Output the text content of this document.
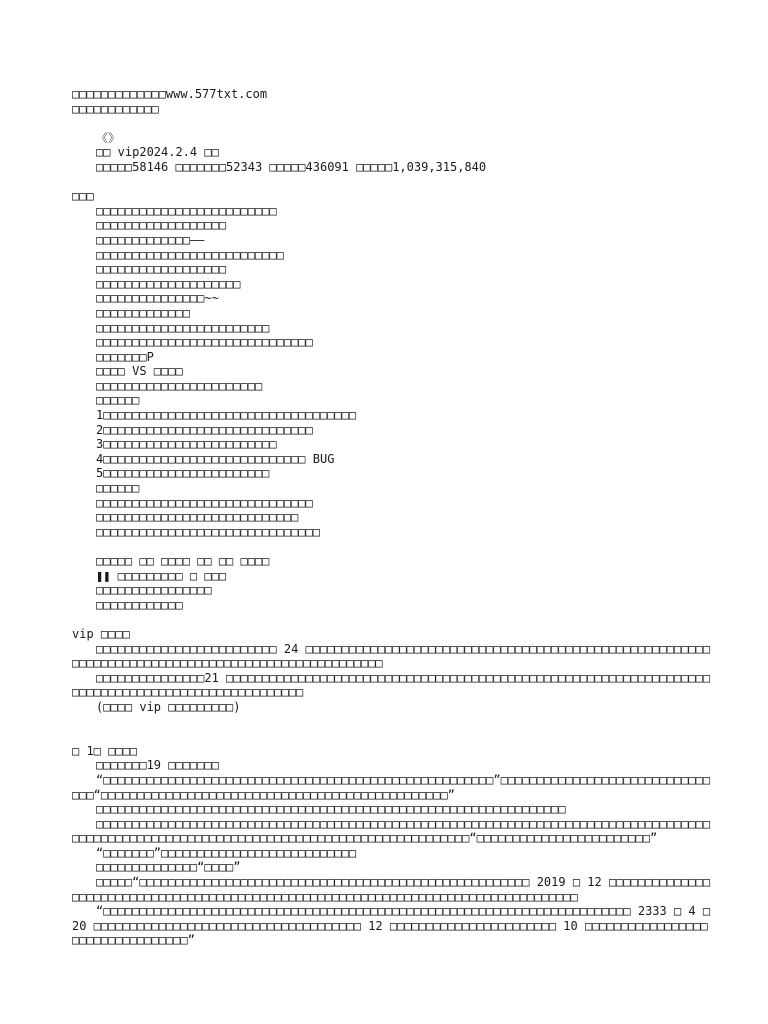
□□□□□□□□□□□□□www.577txt.com
□□□□□□□□□□□□
《》
□□ vip2024.2.4 □□
□□□□□58146 □□□□□□□52343 □□□□□436091 □□□□□1,039,315,840
□□□
□□□□□□□□□□□□□□□□□□□□□□□□□
□□□□□□□□□□□□□□□□□□
□□□□□□□□□□□□□——
□□□□□□□□□□□□□□□□□□□□□□□□□□
□□□□□□□□□□□□□□□□□□
□□□□□□□□□□□□□□□□□□□□
□□□□□□□□□□□□□□□~~
□□□□□□□□□□□□□
□□□□□□□□□□□□□□□□□□□□□□□□
□□□□□□□□□□□□□□□□□□□□□□□□□□□□□□
□□□□□□□P
□□□□ VS □□□□
□□□□□□□□□□□□□□□□□□□□□□□
□□□□□□
1□□□□□□□□□□□□□□□□□□□□□□□□□□□□□□□□□□□
2□□□□□□□□□□□□□□□□□□□□□□□□□□□□□
3□□□□□□□□□□□□□□□□□□□□□□□□
4□□□□□□□□□□□□□□□□□□□□□□□□□□□□ BUG
5□□□□□□□□□□□□□□□□□□□□□□□
□□□□□□
□□□□□□□□□□□□□□□□□□□□□□□□□□□□□□
□□□□□□□□□□□□□□□□□□□□□□□□□□□□
□□□□□□□□□□□□□□□□□□□□□□□□□□□□□□□
□□□□□ □□ □□□□ □□ □□ □□□□
❚❚ □□□□□□□□□ □ □□□
□□□□□□□□□□□□□□□□
□□□□□□□□□□□□
vip □□□□
□□□□□□□□□□□□□□□□□□□□□□□□□ 24 □□□□□□□□□□□□□□□□□□□□□□□□□□□□□□□□□□□□□□□□□□□□□□□□□□□□□□□□□□□□□□□□□□□□□□□□□□□□□□□□□□□□□□□□□□□□□□□□□□□
□□□□□□□□□□□□□□□21 □□□□□□□□□□□□□□□□□□□□□□□□□□□□□□□□□□□□□□□□□□□□□□□□□□□□□□□□□□□□□□□□□□□□□□□□□□□□□□□□□□□□□□□□□□□□□□□□□□□
(□□□□ vip □□□□□□□□□)
□ 1□ □□□□
□□□□□□□19 □□□□□□□
“□□□□□□□□□□□□□□□□□□□□□□□□□□□□□□□□□□□□□□□□□□□□□□□□□□□□□□”□□□□□□□□□□□□□□□□□□□□□□□□□□□□□□□□“□□□□□□□□□□□□□□□□□□□□□□□□□□□□□□□□□□□□□□□□□□□□□□□□”
□□□□□□□□□□□□□□□□□□□□□□□□□□□□□□□□□□□□□□□□□□□□□□□□□□□□□□□□□□□□□□□□□
□□□□□□□□□□□□□□□□□□□□□□□□□□□□□□□□□□□□□□□□□□□□□□□□□□□□□□□□□□□□□□□□□□□□□□□□□□□□□□□□□□□□□□□□□□□□□□□□□□□□□□□□□□□□□□□□□□□□□□□□□□□□□□□□□□□□□□□□□□□□“□□□□□□□□□□□□□□□□□□□□□□□□”
“□□□□□□□”□□□□□□□□□□□□□□□□□□□□□□□□□□□
□□□□□□□□□□□□□□“□□□□”
□□□□□“□□□□□□□□□□□□□□□□□□□□□□□□□□□□□□□□□□□□□□□□□□□□□□□□□□□□□□ 2019 □ 12 □□□□□□□□□□□□□□□□□□□□□□□□□□□□□□□□□□□□□□□□□□□□□□□□□□□□□□□□□□□□□□□□□□□□□□□□□□□□□□□□□□□□
“□□□□□□□□□□□□□□□□□□□□□□□□□□□□□□□□□□□□□□□□□□□□□□□□□□□□□□□□□□□□□□□□□□□□□□□□□ 2333 □ 4 □ 20 □□□□□□□□□□□□□□□□□□□□□□□□□□□□□□□□□□□□□ 12 □□□□□□□□□□□□□□□□□□□□□□□ 10 □□□□□□□□□□□□□□□□□□□□□□□□□□□□□□□□□”
